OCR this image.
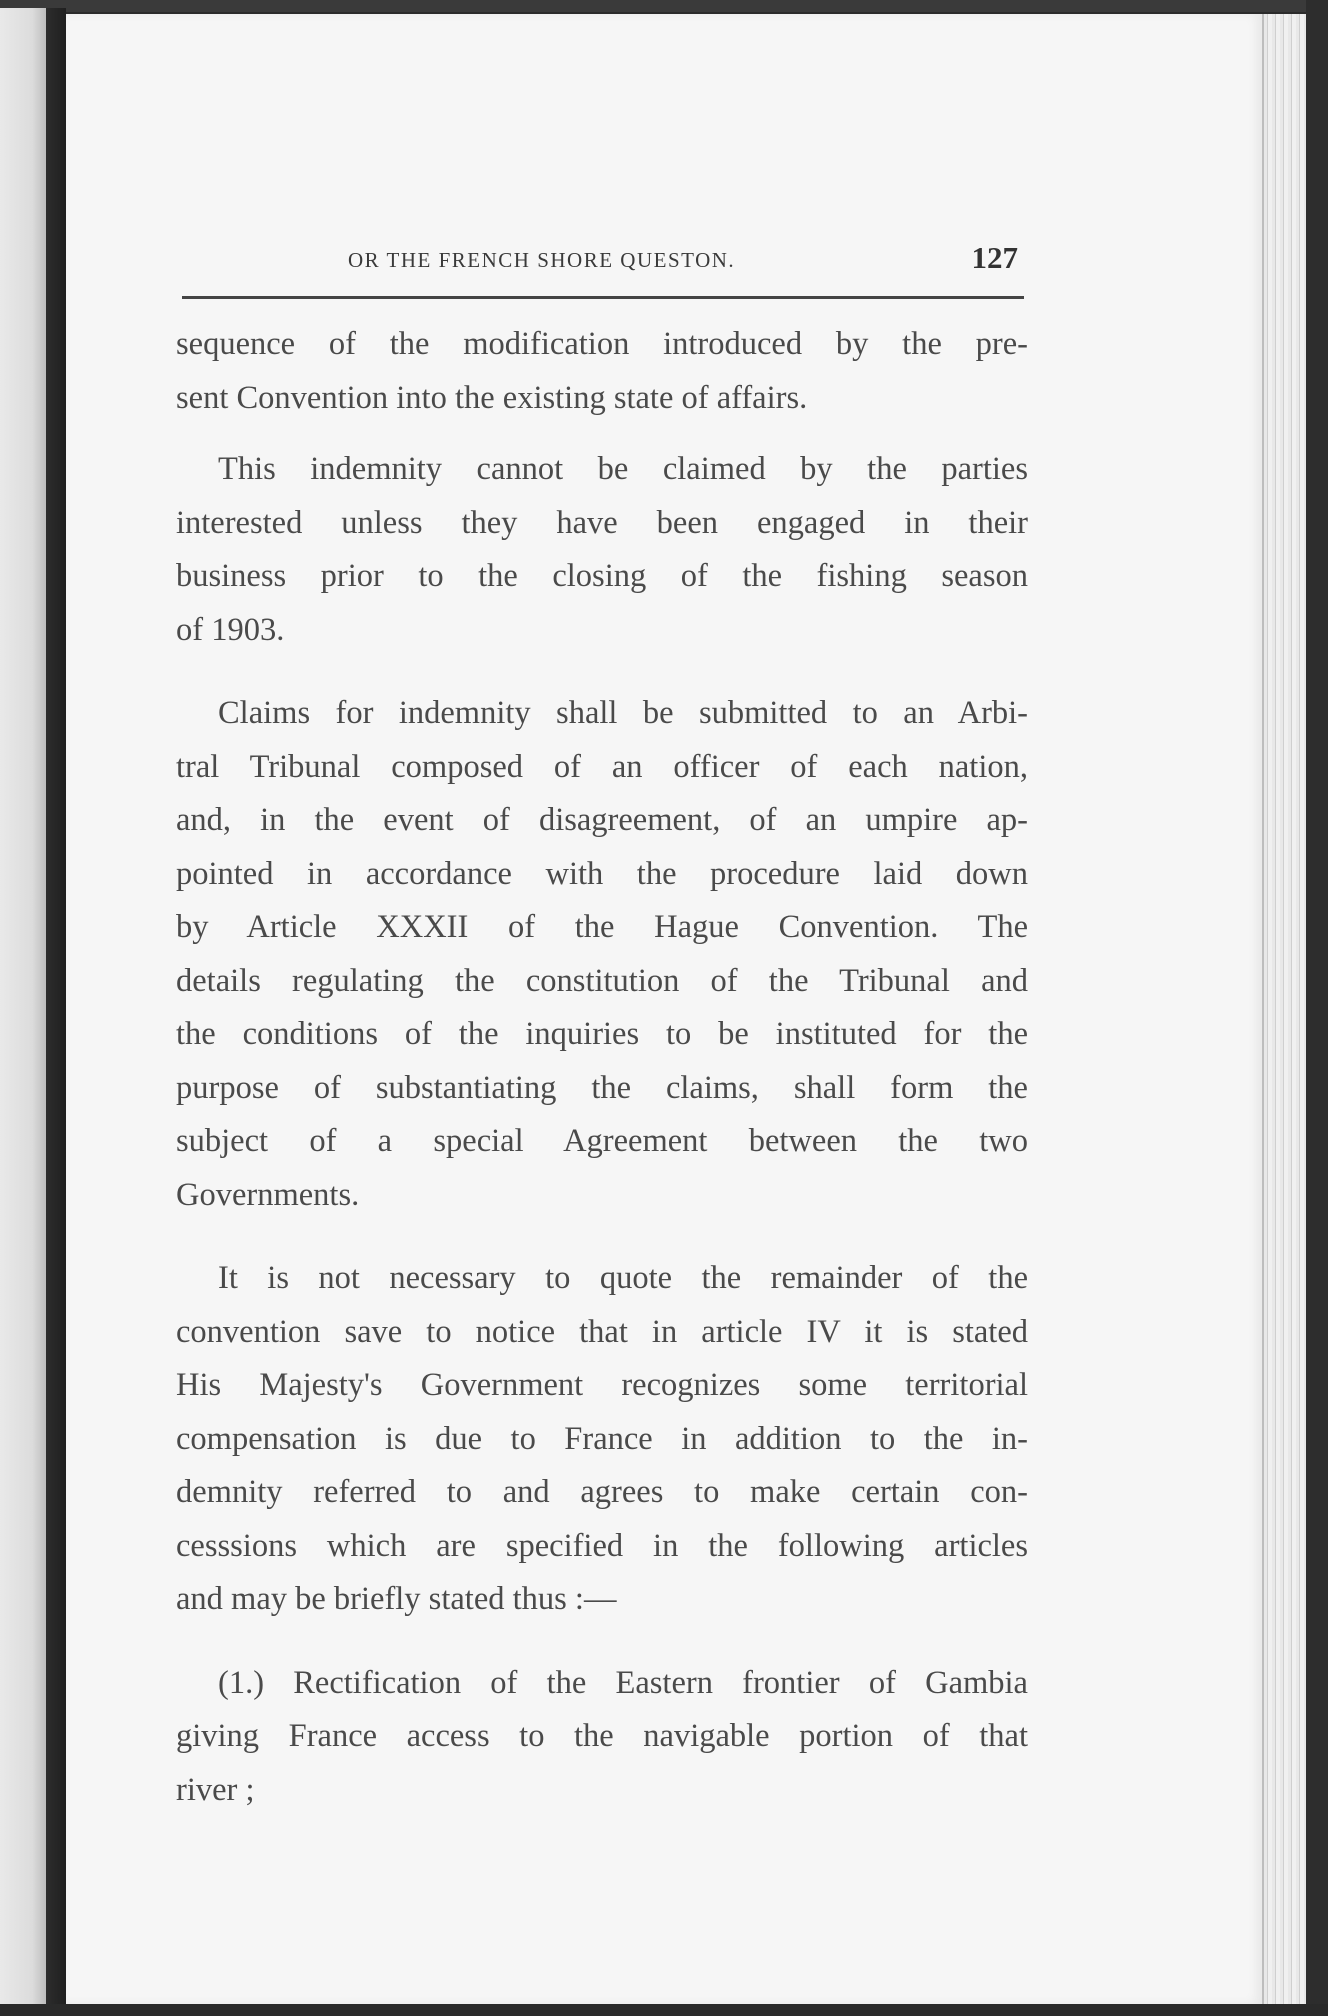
OR THE FRENCH SHORE QUESTON.	127
sequence of the modification introduced by the pre-
sent Convention into the existing state of affairs.
This indemnity cannot be claimed by the parties
interested unless they have been engaged in their
business prior to the closing of the fishing season
of 1903.
Claims for indemnity shall be submitted to an Arbi-
tral Tribunal composed of an officer of each nation,
and, in the event of disagreement, of an umpire ap-
pointed in accordance with the procedure laid down
by Article XXXII of the Hague Convention. The
details regulating the constitution of the Tribunal and
the conditions of the inquiries to be instituted for the
purpose of substantiating the claims, shall form the
subject of a special Agreement between the two
Governments.
It is not necessary to quote the remainder of the
convention save to notice that in article IV it is stated
His Majesty's Government recognizes some territorial
compensation is due to France in addition to the in-
demnity referred to and agrees to make certain con-
cesssions which are specified in the following articles
and may be briefly stated thus :—
(1.) Rectification of the Eastern frontier of Gambia
giving France access to the navigable portion of that
river ;
